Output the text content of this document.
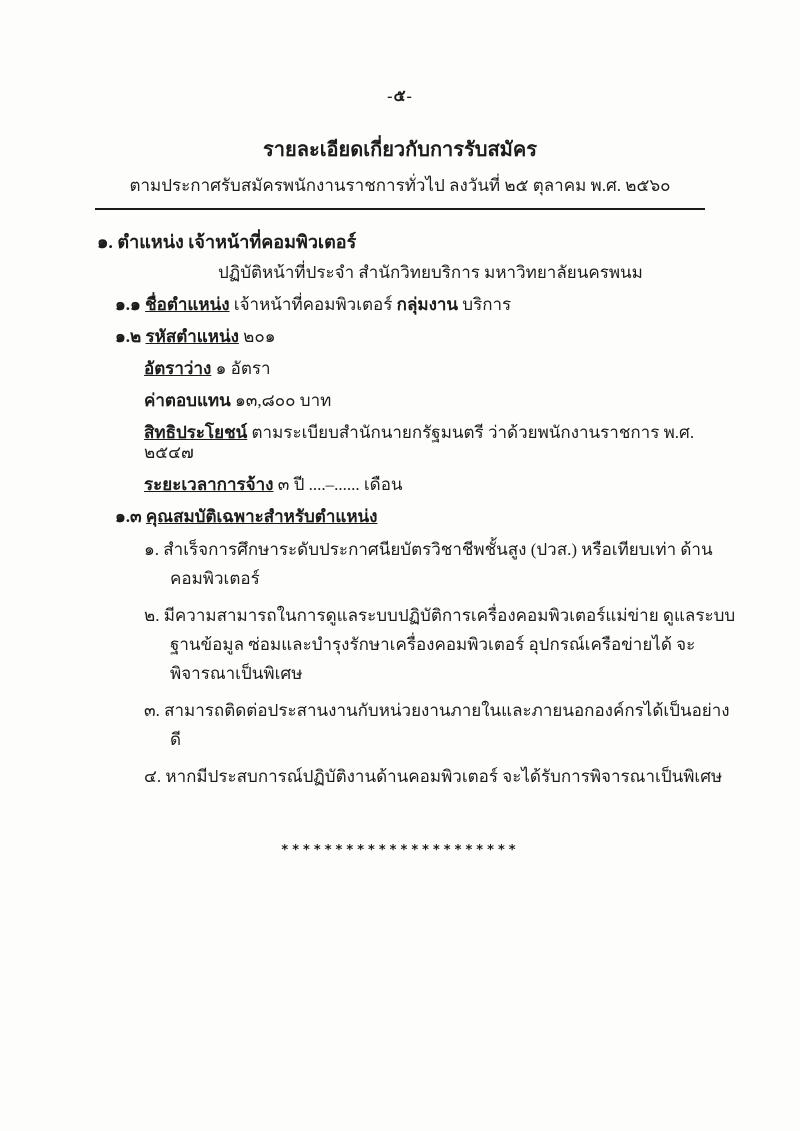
-๕-
รายละเอียดเกี่ยวกับการรับสมัคร
ตามประกาศรับสมัครพนักงานราชการทั่วไป ลงวันที่ ๒๕ ตุลาคม พ.ศ. ๒๕๖๐
๑. ตำแหน่ง เจ้าหน้าที่คอมพิวเตอร์
ปฏิบัติหน้าที่ประจำ สำนักวิทยบริการ มหาวิทยาลัยนครพนม
๑.๑ ชื่อตำแหน่ง เจ้าหน้าที่คอมพิวเตอร์ กลุ่มงาน บริการ
๑.๒ รหัสตำแหน่ง ๒๐๑
อัตราว่าง ๑ อัตรา
ค่าตอบแทน ๑๓,๘๐๐ บาท
สิทธิประโยชน์ ตามระเบียบสำนักนายกรัฐมนตรี ว่าด้วยพนักงานราชการ พ.ศ. ๒๕๔๗
ระยะเวลาการจ้าง ๓ ปี ....–...... เดือน
๑.๓ คุณสมบัติเฉพาะสำหรับตำแหน่ง
๑. สำเร็จการศึกษาระดับประกาศนียบัตรวิชาชีพชั้นสูง (ปวส.) หรือเทียบเท่า ด้านคอมพิวเตอร์
๒. มีความสามารถในการดูแลระบบปฏิบัติการเครื่องคอมพิวเตอร์แม่ข่าย ดูแลระบบฐานข้อมูล ซ่อมและบำรุงรักษาเครื่องคอมพิวเตอร์ อุปกรณ์เครือข่ายได้ จะพิจารณาเป็นพิเศษ
๓. สามารถติดต่อประสานงานกับหน่วยงานภายในและภายนอกองค์กรได้เป็นอย่างดี
๔. หากมีประสบการณ์ปฏิบัติงานด้านคอมพิวเตอร์ จะได้รับการพิจารณาเป็นพิเศษ
**********************
